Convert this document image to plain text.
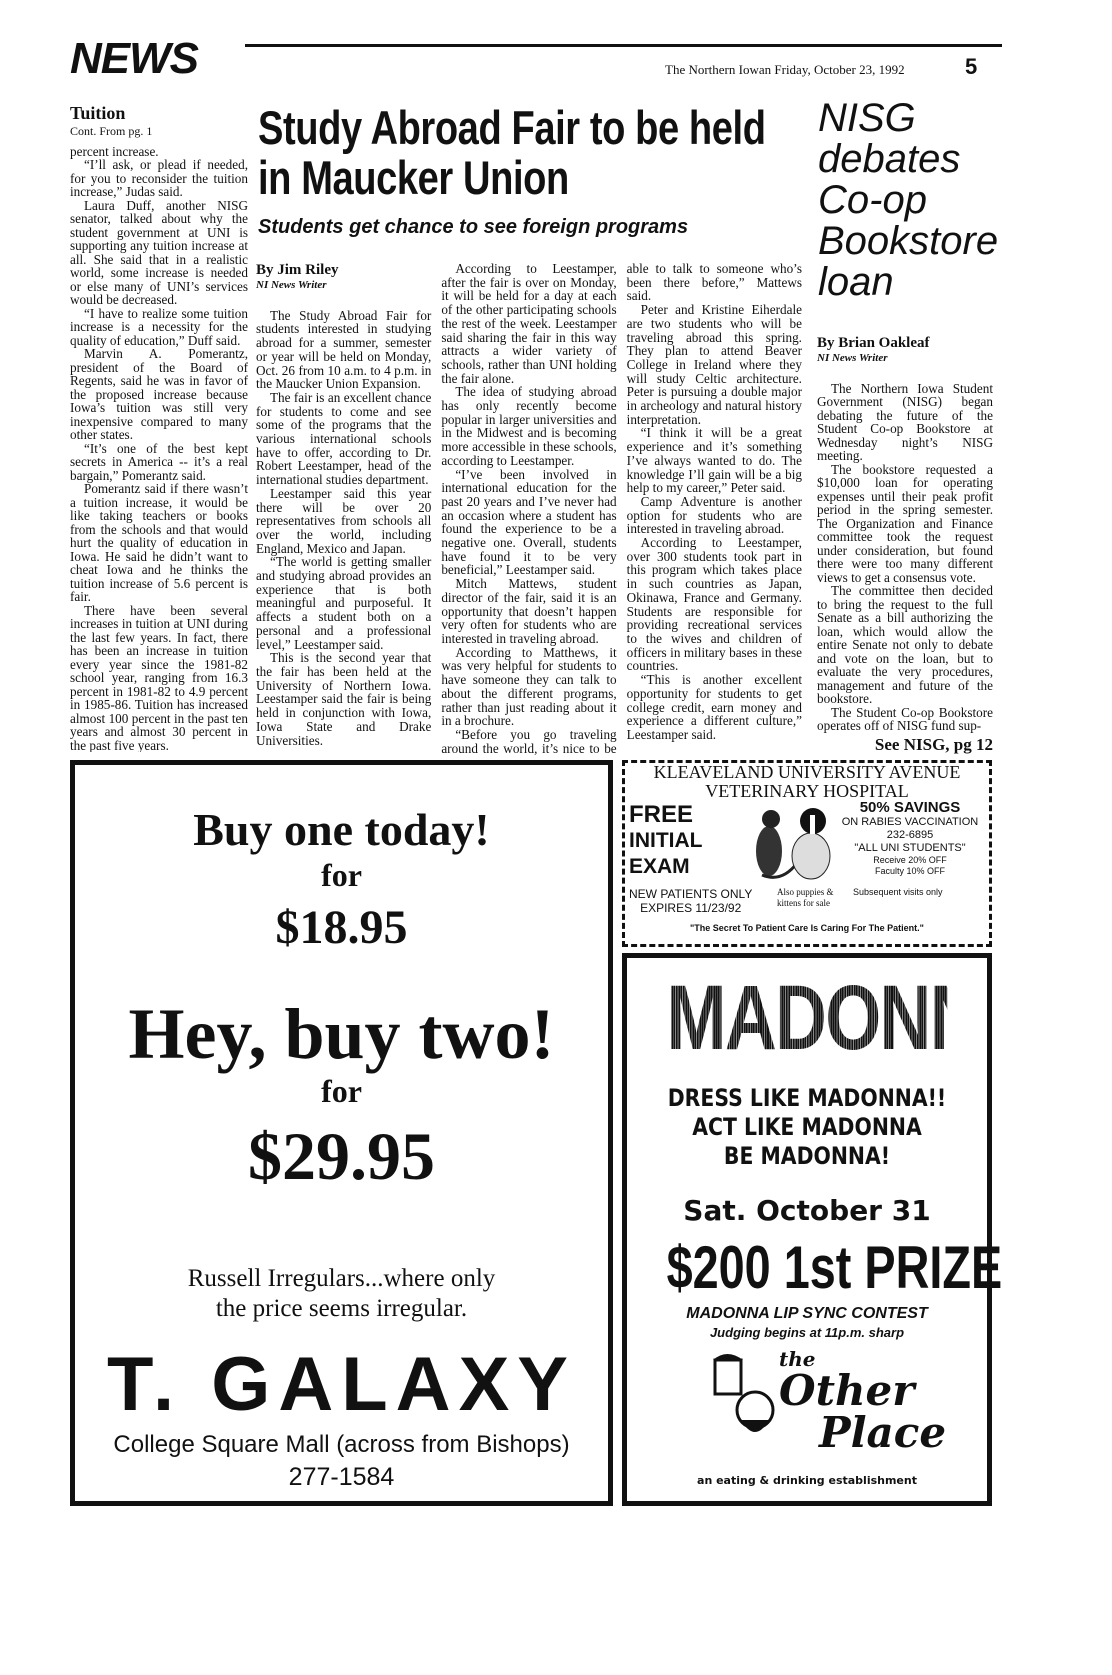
NEWS	The Northern Iowan Friday, October 23, 1992	5
Tuition
Cont. From pg. 1

percent increase.

“I’ll ask, or plead if needed, for you to reconsider the tuition increase,” Judas said.

Laura Duff, another NISG senator, talked about why the student government at UNI is supporting any tuition increase at all. She said that in a realistic world, some increase is needed or else many of UNI’s services would be decreased.

“I have to realize some tuition increase is a necessity for the quality of education,” Duff said.

Marvin A. Pomerantz, president of the Board of Regents, said he was in favor of the proposed increase because Iowa’s tuition was still very inexpensive compared to many other states.

“It’s one of the best kept secrets in America -- it’s a real bargain,” Pomerantz said.

Pomerantz said if there wasn’t a tuition increase, it would be like taking teachers or books from the schools and that would hurt the quality of education in Iowa. He said he didn’t want to cheat Iowa and he thinks the tuition increase of 5.6 percent is fair.

There have been several increases in tuition at UNI during the last few years. In fact, there has been an increase in tuition every year since the 1981-82 school year, ranging from 16.3 percent in 1981-82 to 4.9 percent in 1985-86. Tuition has increased almost 100 percent in the past ten years and almost 30 percent in the past five years.

Study Abroad Fair to be held in Maucker Union
Students get chance to see foreign programs

By Jim Riley

NI News Writer

The Study Abroad Fair for students interested in studying abroad for a summer, semester or year will be held on Monday, Oct. 26 from 10 a.m. to 4 p.m. in the Maucker Union Expansion.

The fair is an excellent chance for students to come and see some of the programs that the various international schools have to offer, according to Dr. Robert Leestamper, head of the international studies department.

Leestamper said this year there will be over 20 representatives from schools all over the world, including England, Mexico and Japan.

“The world is getting smaller and studying abroad provides an experience that is both meaningful and purposeful. It affects a student both on a personal and a professional level,” Leestamper said.

This is the second year that the fair has been held at the University of Northern Iowa. Leestamper said the fair is being held in conjunction with Iowa, Iowa State and Drake Universities.

According to Leestamper, after the fair is over on Monday, it will be held for a day at each of the other participating schools the rest of the week. Leestamper said sharing the fair in this way attracts a wider variety of schools, rather than UNI holding the fair alone.

The idea of studying abroad has only recently become popular in larger universities and in the Midwest and is becoming more accessible in these schools, according to Leestamper.

“I’ve been involved in international education for the past 20 years and I’ve never had an occasion where a student has found the experience to be a negative one. Overall, students have found it to be very beneficial,” Leestamper said.

Mitch Mattews, student director of the fair, said it is an opportunity that doesn’t happen very often for students who are interested in traveling abroad.

According to Matthews, it was very helpful for students to have someone they can talk to about the different programs, rather than just reading about it in a brochure.

“Before you go traveling around the world, it’s nice to be able to talk to someone who’s been there before,” Mattews said.

Peter and Kristine Eiherdale are two students who will be traveling abroad this spring. They plan to attend Beaver College in Ireland where they will study Celtic architecture. Peter is pursuing a double major in archeology and natural history interpretation.

“I think it will be a great experience and it’s something I’ve always wanted to do. The knowledge I’ll gain will be a big help to my career,” Peter said.

Camp Adventure is another option for students who are interested in traveling abroad.

According to Leestamper, over 300 students took part in this program which takes place in such countries as Japan, Okinawa, France and Germany. Students are responsible for providing recreational services to the wives and children of officers in military bases in these countries.

“This is another excellent opportunity for students to get college credit, earn money and experience a different culture,” Leestamper said.

NISG debates Co-op Bookstore loan

By Brian Oakleaf

NI News Writer

The Northern Iowa Student Government (NISG) began debating the future of the Student Co-op Bookstore at Wednesday night’s NISG meeting.

The bookstore requested a $10,000 loan for operating expenses until their peak profit period in the spring semester. The Organization and Finance committee took the request under consideration, but found there were too many different views to get a consensus vote.

The committee then decided to bring the request to the full Senate as a bill authorizing the loan, which would allow the entire Senate not only to debate and vote on the loan, but to evaluate the very procedures, management and future of the bookstore.

The Student Co-op Bookstore operates off of NISG fund sup-

See NISG, pg 12

Buy one today!
for
$18.95
Hey, buy two!
for
$29.95
Russell Irregulars...where only
the price seems irregular.
T. GALAXY
College Square Mall (across from Bishops)
277-1584
KLEAVELAND UNIVERSITY AVENUE
VETERINARY HOSPITAL
FREE
INITIAL
EXAM
50% SAVINGS
ON RABIES VACCINATION
232-6895
"ALL UNI STUDENTS"
Receive 20% OFF
Faculty 10% OFF
NEW PATIENTS ONLY
EXPIRES 11/23/92
Also puppies &
kittens for sale
Subsequent visits only
"The Secret To Patient Care Is Caring For The Patient."
MADONNA
DRESS LIKE MADONNA!!
ACT LIKE MADONNA
BE MADONNA!
Sat. October 31
$200 1st PRIZE
MADONNA LIP SYNC CONTEST
Judging begins at 11p.m. sharp
the
Other
Place
an eating & drinking establishment
